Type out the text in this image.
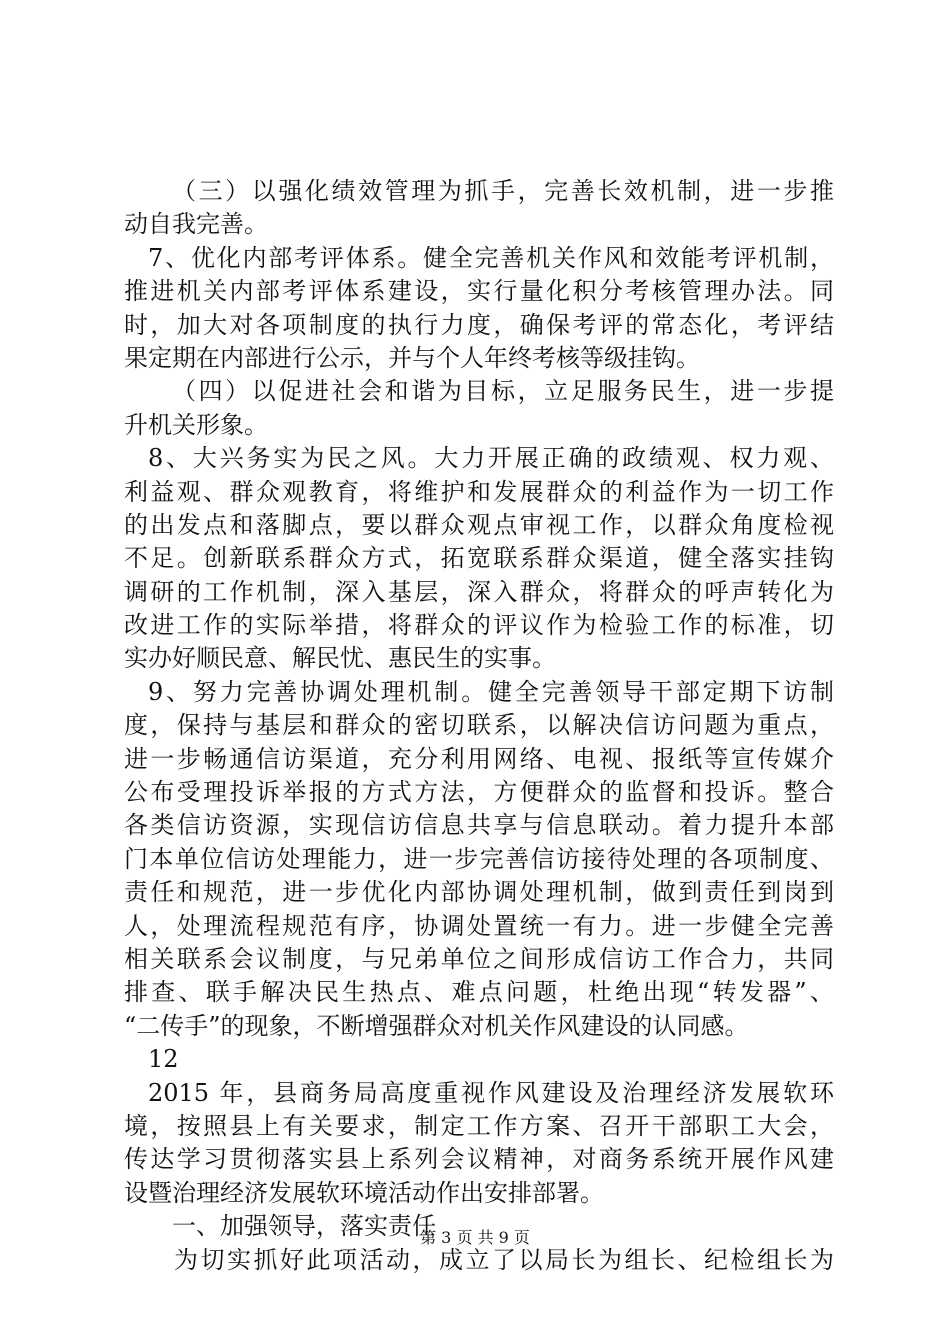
（三）以强化绩效管理为抓手，完善长效机制，进一步推
动自我完善。
7、优化内部考评体系。健全完善机关作风和效能考评机制，
推进机关内部考评体系建设，实行量化积分考核管理办法。同
时，加大对各项制度的执行力度，确保考评的常态化，考评结
果定期在内部进行公示，并与个人年终考核等级挂钩。
（四）以促进社会和谐为目标，立足服务民生，进一步提
升机关形象。
8、大兴务实为民之风。大力开展正确的政绩观、权力观、
利益观、群众观教育，将维护和发展群众的利益作为一切工作
的出发点和落脚点，要以群众观点审视工作，以群众角度检视
不足。创新联系群众方式，拓宽联系群众渠道，健全落实挂钩
调研的工作机制，深入基层，深入群众，将群众的呼声转化为
改进工作的实际举措，将群众的评议作为检验工作的标准，切
实办好顺民意、解民忧、惠民生的实事。
9、努力完善协调处理机制。健全完善领导干部定期下访制
度，保持与基层和群众的密切联系，以解决信访问题为重点，
进一步畅通信访渠道，充分利用网络、电视、报纸等宣传媒介
公布受理投诉举报的方式方法，方便群众的监督和投诉。整合
各类信访资源，实现信访信息共享与信息联动。着力提升本部
门本单位信访处理能力，进一步完善信访接待处理的各项制度、
责任和规范，进一步优化内部协调处理机制，做到责任到岗到
人，处理流程规范有序，协调处置统一有力。进一步健全完善
相关联系会议制度，与兄弟单位之间形成信访工作合力，共同
排查、联手解决民生热点、难点问题，杜绝出现“转发器”、
“二传手”的现象，不断增强群众对机关作风建设的认同感。
12
2015 年，县商务局高度重视作风建设及治理经济发展软环
境，按照县上有关要求，制定工作方案、召开干部职工大会，
传达学习贯彻落实县上系列会议精神，对商务系统开展作风建
设暨治理经济发展软环境活动作出安排部署。
一、加强领导，落实责任
为切实抓好此项活动，成立了以局长为组长、纪检组长为
第 3 页 共 9 页
